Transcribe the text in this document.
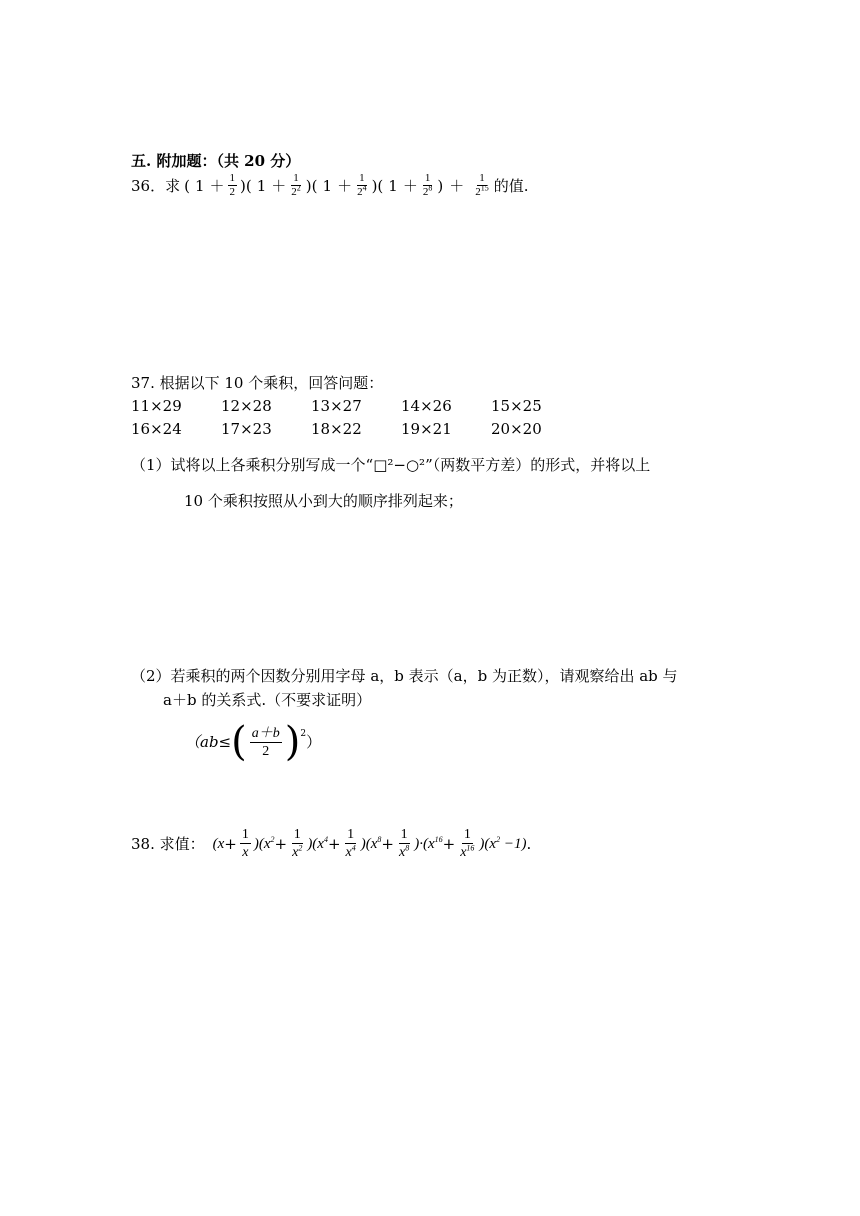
五. 附加题：（共 20 分）
36．求 ( $1 + \frac{1}{2}$ )( $1 + \frac{1}{2^2}$ )( $1 + \frac{1}{2^4}$ )( $1 + \frac{1}{2^8}$ ) ＋ $\frac{1}{2^{15}}$ 的值.
37. 根据以下 10 个乘积，回答问题：
11×29	12×28	13×27	14×26	15×25
16×24	17×23	18×22	19×21	20×20
（1）试将以上各乘积分别写成一个“□²−○²”（两数平方差）的形式，并将以上
10 个乘积按照从小到大的顺序排列起来；
（2）若乘积的两个因数分别用字母 a，b 表示（a，b 为正数），请观察给出 ab 与
a＋b 的关系式.（不要求证明）
（ab≤ ( $\frac{a+b}{2}$ ) 2 ）
38. 求值： $(x + \frac{1}{x} )(x^2 + \frac{1}{x^2} )(x^4 + \frac{1}{x^4} )(x^8 + \frac{1}{x^8} )\cdot(x^{16} + \frac{1}{x^{16}} )(x^2 -1)$ .
